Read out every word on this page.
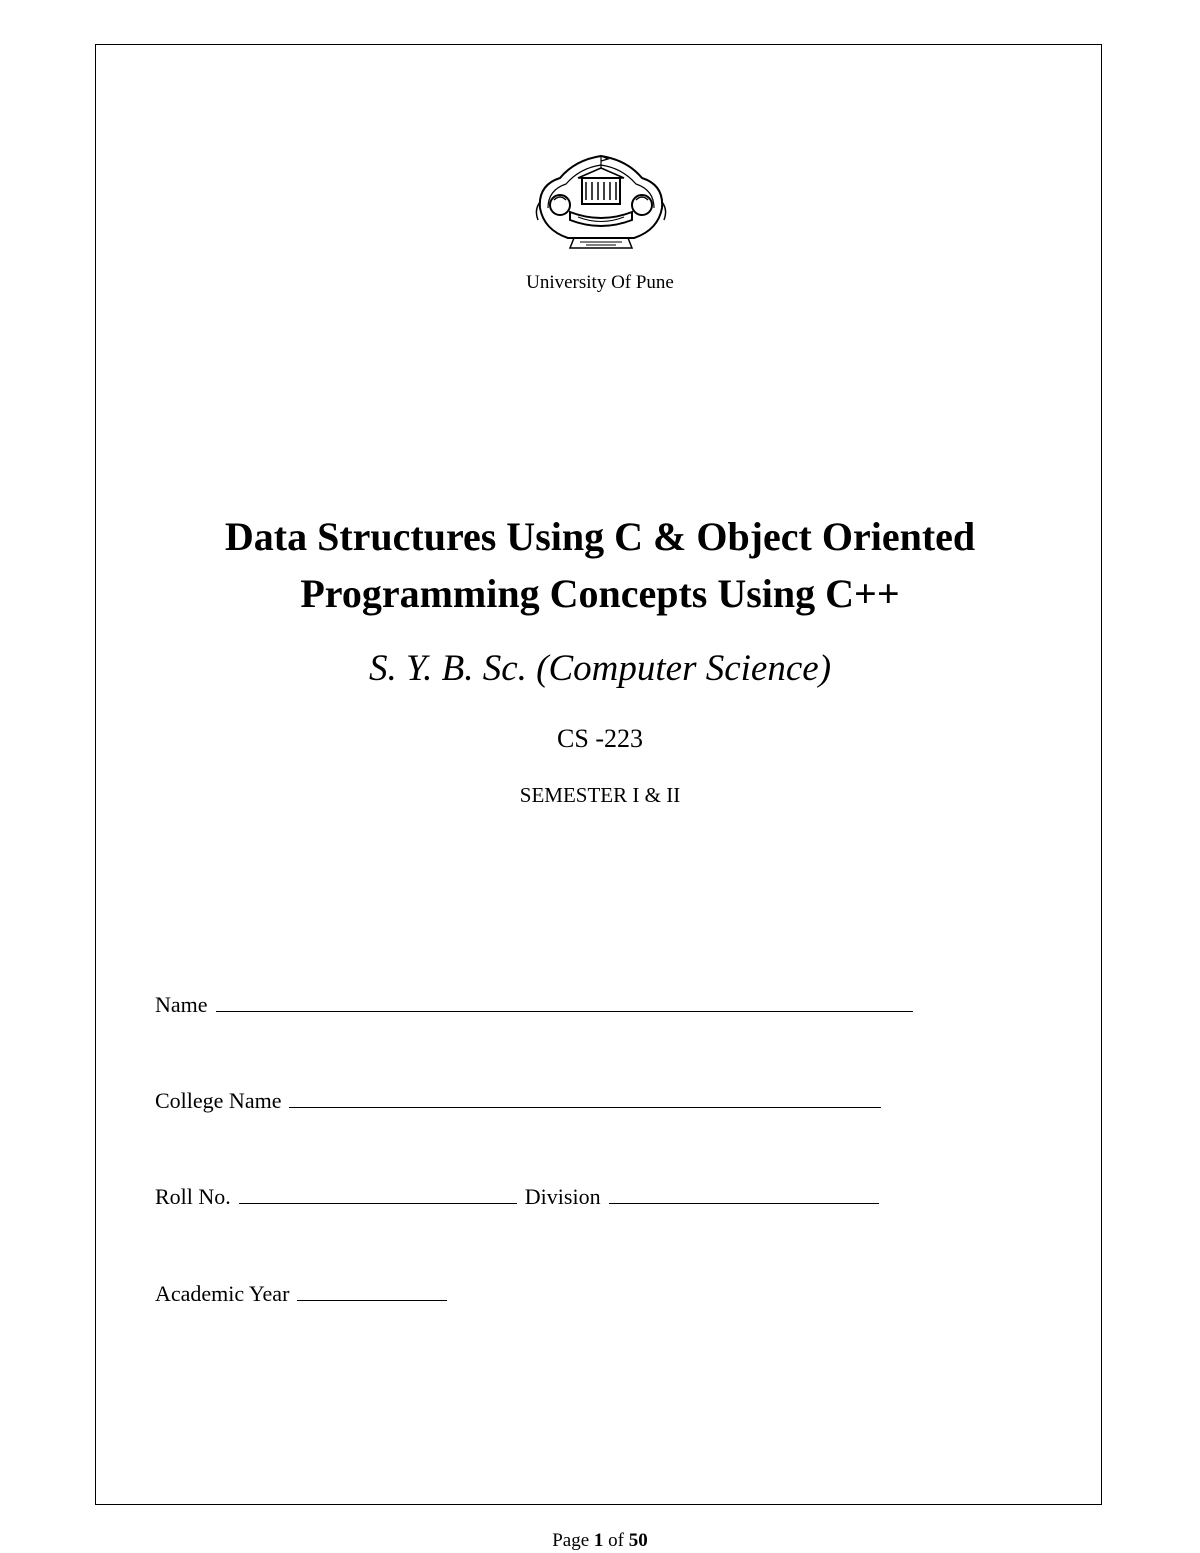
University Of Pune
Data Structures Using C & Object Oriented
Programming Concepts Using C++
S. Y. B. Sc. (Computer Science)
CS -223
SEMESTER I & II
Name
College Name
Roll No.	Division
Academic Year
Page 1 of 50
